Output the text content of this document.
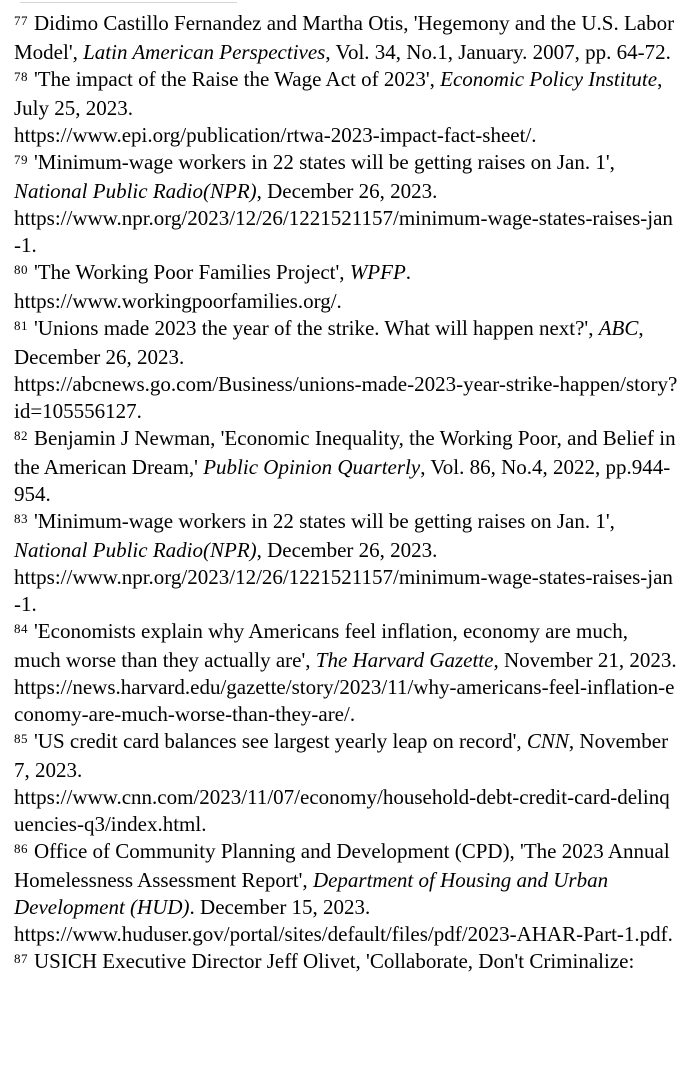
$^{77}$ Didimo Castillo Fernandez and Martha Otis, 'Hegemony and the U.S. Labor Model', Latin American Perspectives, Vol. 34, No.1, January. 2007, pp. 64-72.

$^{78}$ 'The impact of the Raise the Wage Act of 2023', Economic Policy Institute, July 25, 2023.
https://www.epi.org/publication/rtwa-2023-impact-fact-sheet/.

$^{79}$ 'Minimum-wage workers in 22 states will be getting raises on Jan. 1', National Public Radio(NPR), December 26, 2023.
https://www.npr.org/2023/12/26/1221521157/minimum-wage-states-raises-jan-1.

$^{80}$ 'The Working Poor Families Project', WPFP.
https://www.workingpoorfamilies.org/.

$^{81}$ 'Unions made 2023 the year of the strike. What will happen next?', ABC, December 26, 2023.
https://abcnews.go.com/Business/unions-made-2023-year-strike-happen/story?id=105556127.

$^{82}$ Benjamin J Newman, 'Economic Inequality, the Working Poor, and Belief in the American Dream,' Public Opinion Quarterly, Vol. 86, No.4, 2022, pp.944-954.

$^{83}$ 'Minimum-wage workers in 22 states will be getting raises on Jan. 1', National Public Radio(NPR), December 26, 2023.
https://www.npr.org/2023/12/26/1221521157/minimum-wage-states-raises-jan-1.

$^{84}$ 'Economists explain why Americans feel inflation, economy are much, much worse than they actually are', The Harvard Gazette, November 21, 2023.
https://news.harvard.edu/gazette/story/2023/11/why-americans-feel-inflation-economy-are-much-worse-than-they-are/.

$^{85}$ 'US credit card balances see largest yearly leap on record', CNN, November 7, 2023.
https://www.cnn.com/2023/11/07/economy/household-debt-credit-card-delinquencies-q3/index.html.

$^{86}$ Office of Community Planning and Development (CPD), 'The 2023 Annual Homelessness Assessment Report', Department of Housing and Urban Development (HUD). December 15, 2023.
https://www.huduser.gov/portal/sites/default/files/pdf/2023-AHAR-Part-1.pdf.

$^{87}$ USICH Executive Director Jeff Olivet, 'Collaborate, Don't Criminalize:
